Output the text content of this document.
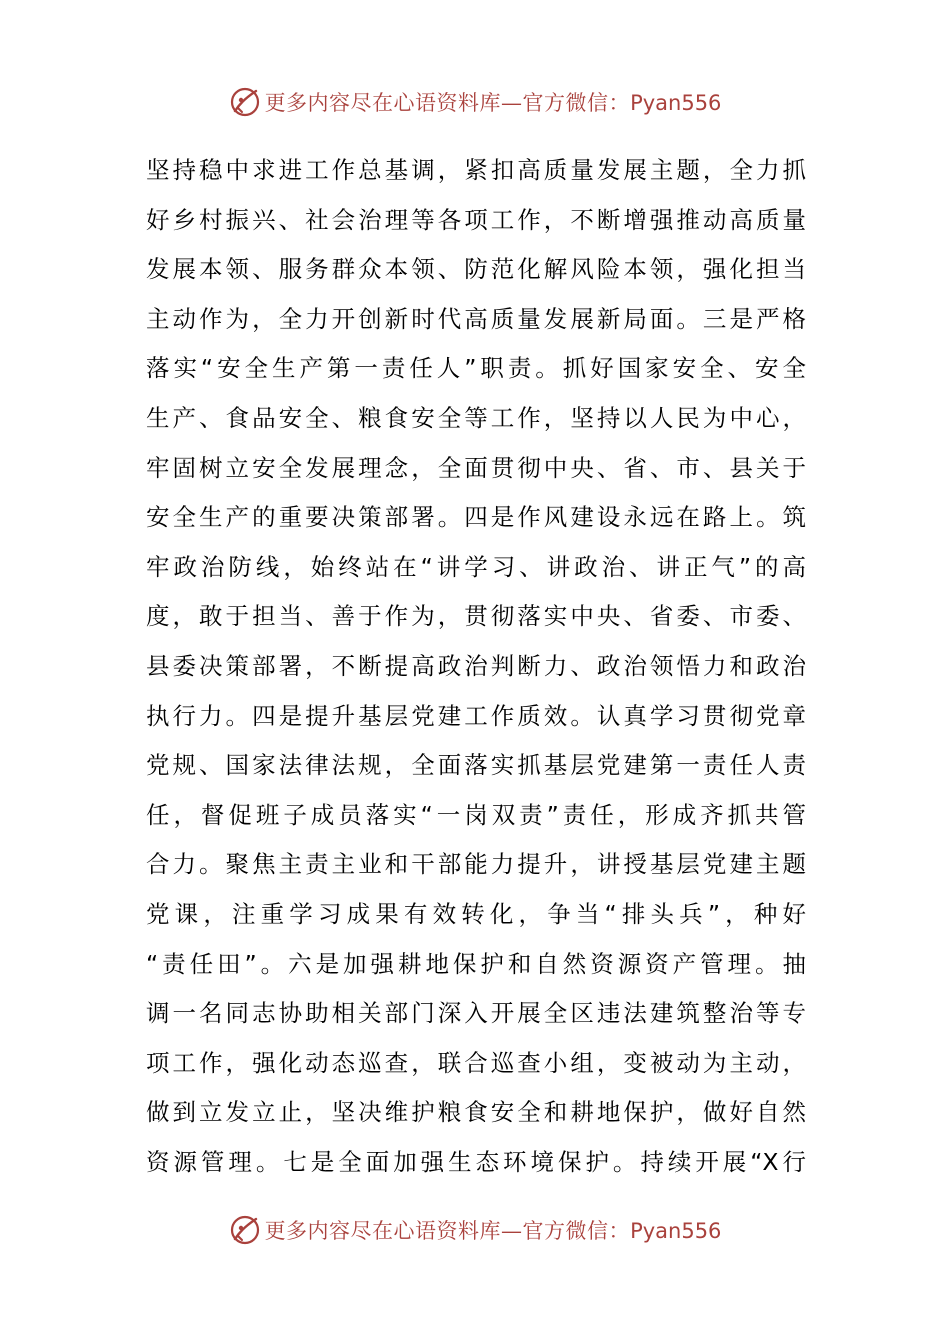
更多内容尽在心语资料库—官方微信：Pyan556
坚持稳中求进工作总基调，紧扣高质量发展主题，全力抓
好乡村振兴、社会治理等各项工作，不断增强推动高质量
发展本领、服务群众本领、防范化解风险本领，强化担当
主动作为，全力开创新时代高质量发展新局面。三是严格
落实“安全生产第一责任人”职责。抓好国家安全、安全
生产、食品安全、粮食安全等工作，坚持以人民为中心，
牢固树立安全发展理念，全面贯彻中央、省、市、县关于
安全生产的重要决策部署。四是作风建设永远在路上。筑
牢政治防线，始终站在“讲学习、讲政治、讲正气”的高
度，敢于担当、善于作为，贯彻落实中央、省委、市委、
县委决策部署，不断提高政治判断力、政治领悟力和政治
执行力。四是提升基层党建工作质效。认真学习贯彻党章
党规、国家法律法规，全面落实抓基层党建第一责任人责
任，督促班子成员落实“一岗双责”责任，形成齐抓共管
合力。聚焦主责主业和干部能力提升，讲授基层党建主题
党课，注重学习成果有效转化，争当“排头兵”，种好
“责任田”。六是加强耕地保护和自然资源资产管理。抽
调一名同志协助相关部门深入开展全区违法建筑整治等专
项工作，强化动态巡查，联合巡查小组，变被动为主动，
做到立发立止，坚决维护粮食安全和耕地保护，做好自然
资源管理。七是全面加强生态环境保护。持续开展“X行
更多内容尽在心语资料库—官方微信：Pyan556
